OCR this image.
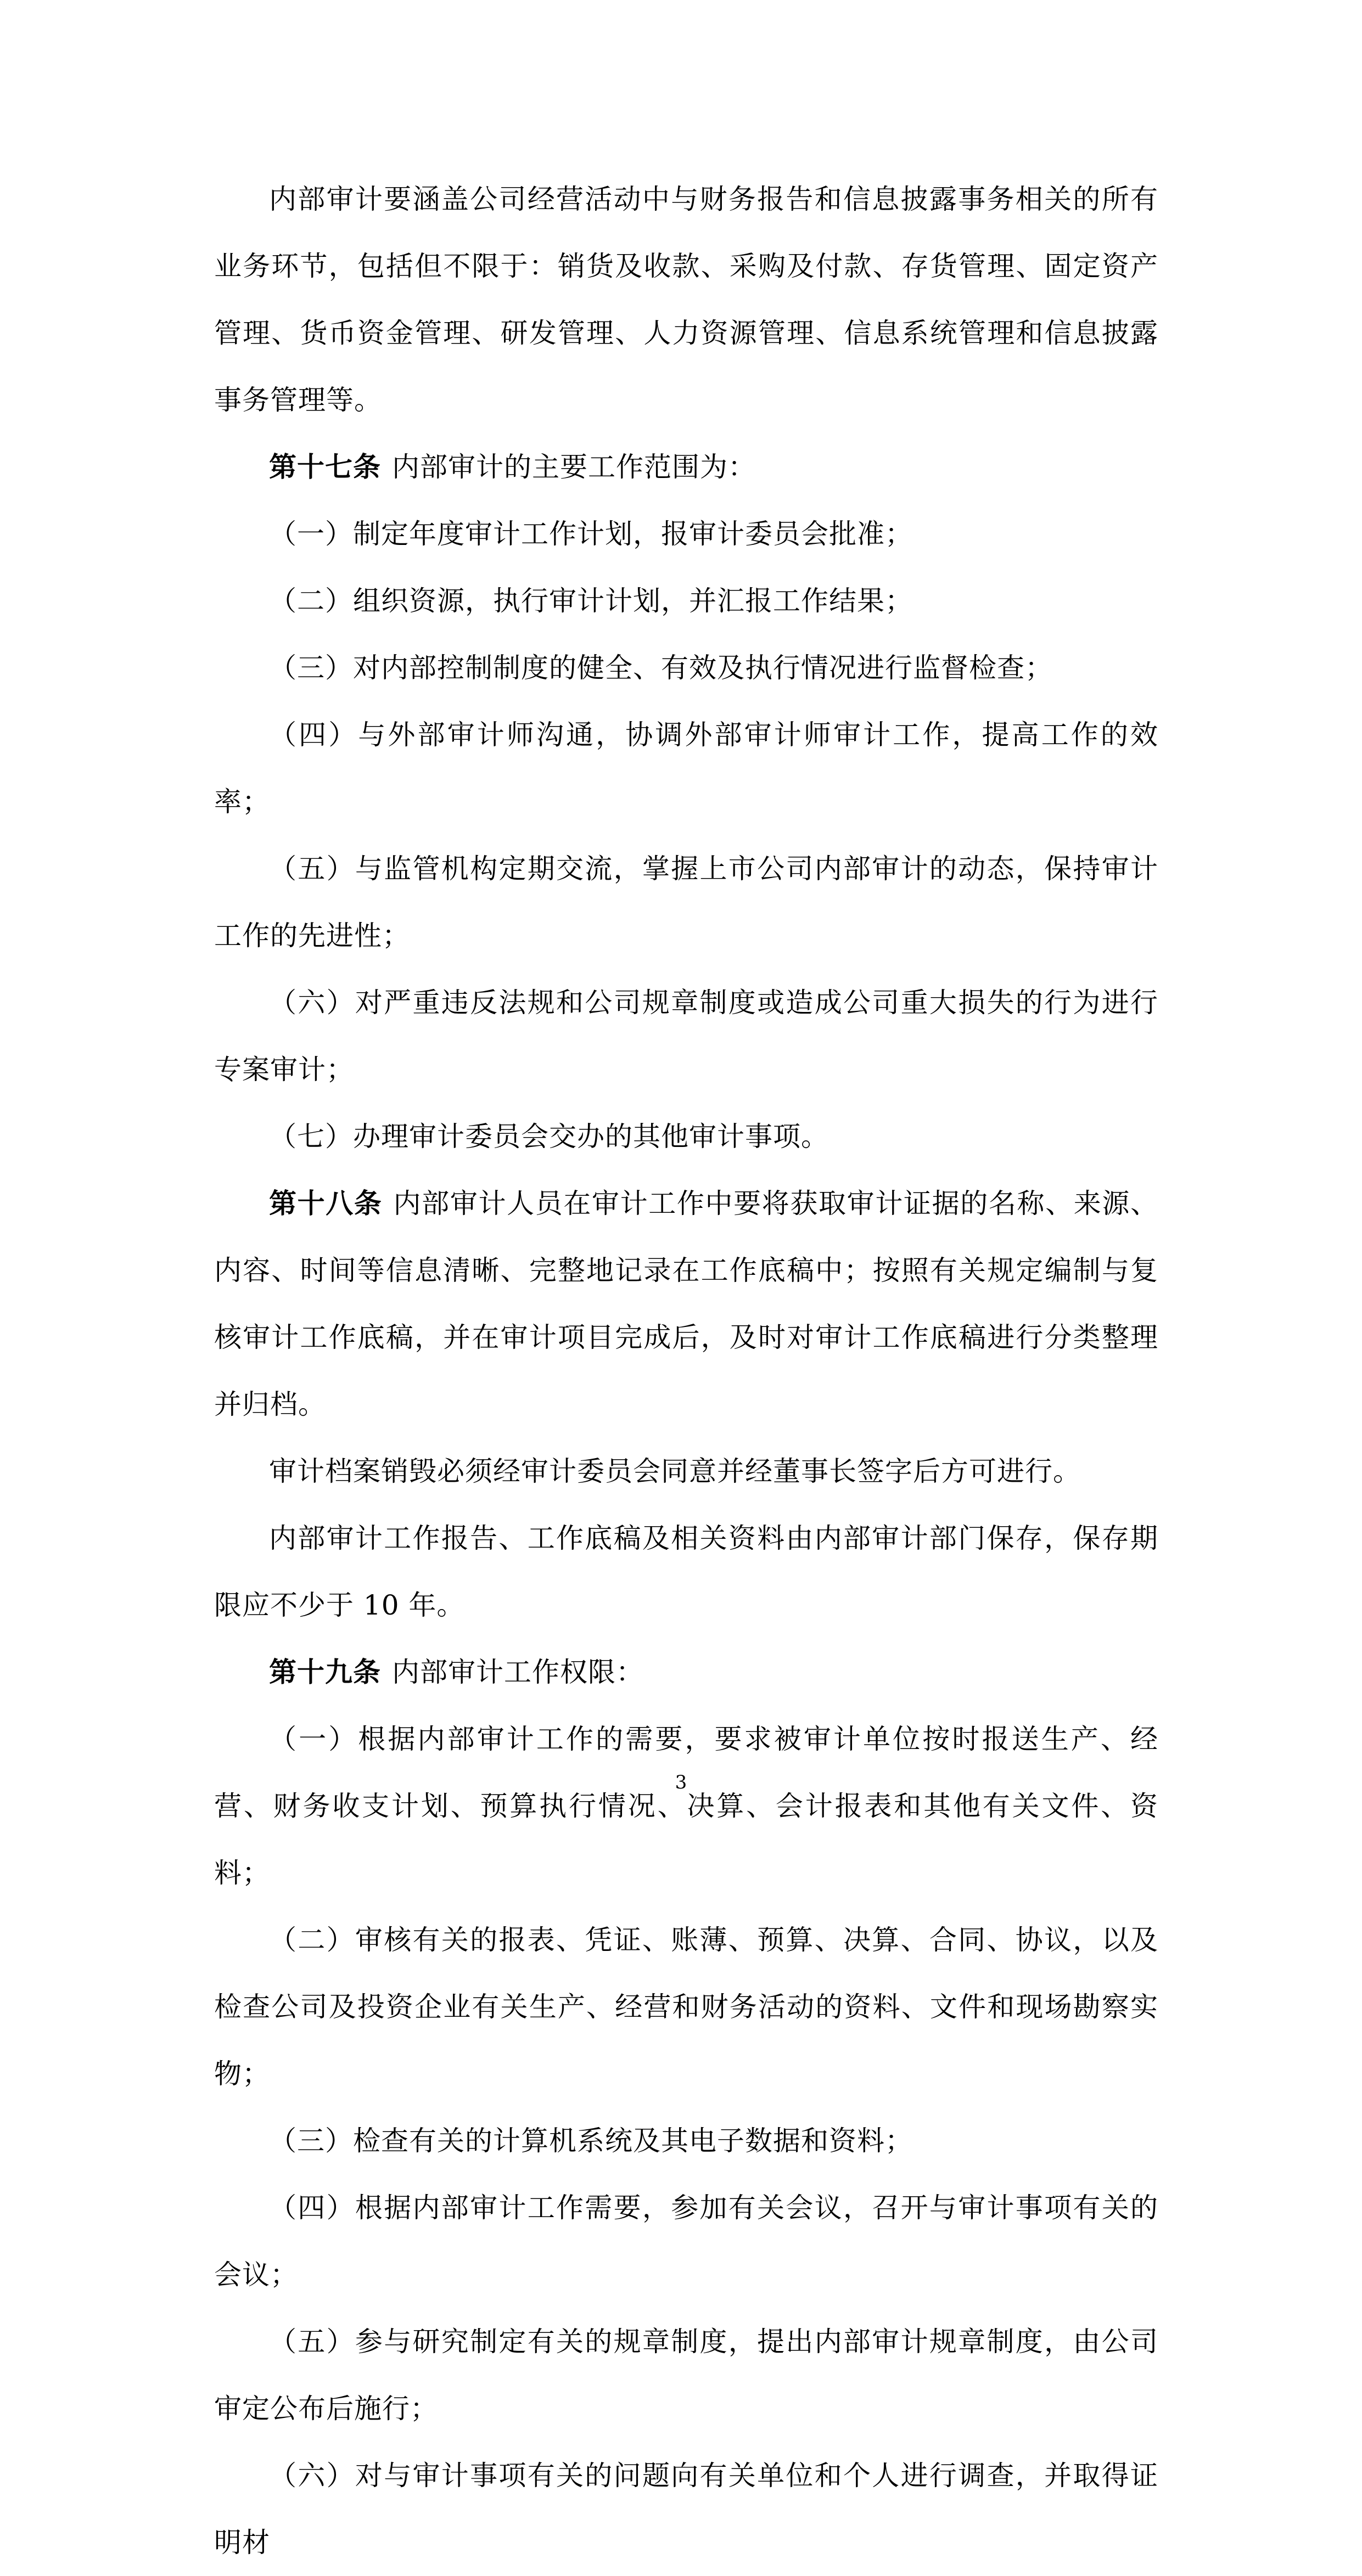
内部审计要涵盖公司经营活动中与财务报告和信息披露事务相关的所有业务环节，包括但不限于：销货及收款、采购及付款、存货管理、固定资产管理、货币资金管理、研发管理、人力资源管理、信息系统管理和信息披露事务管理等。

第十七条 内部审计的主要工作范围为：

（一）制定年度审计工作计划，报审计委员会批准；

（二）组织资源，执行审计计划，并汇报工作结果；

（三）对内部控制制度的健全、有效及执行情况进行监督检查；

（四）与外部审计师沟通，协调外部审计师审计工作，提高工作的效率；

（五）与监管机构定期交流，掌握上市公司内部审计的动态，保持审计工作的先进性；

（六）对严重违反法规和公司规章制度或造成公司重大损失的行为进行专案审计；

（七）办理审计委员会交办的其他审计事项。

第十八条 内部审计人员在审计工作中要将获取审计证据的名称、来源、内容、时间等信息清晰、完整地记录在工作底稿中；按照有关规定编制与复核审计工作底稿，并在审计项目完成后，及时对审计工作底稿进行分类整理并归档。

审计档案销毁必须经审计委员会同意并经董事长签字后方可进行。

内部审计工作报告、工作底稿及相关资料由内部审计部门保存，保存期限应不少于 10 年。

第十九条 内部审计工作权限：

（一）根据内部审计工作的需要，要求被审计单位按时报送生产、经营、财务收支计划、预算执行情况、决算、会计报表和其他有关文件、资料；

（二）审核有关的报表、凭证、账薄、预算、决算、合同、协议，以及检查公司及投资企业有关生产、经营和财务活动的资料、文件和现场勘察实物；

（三）检查有关的计算机系统及其电子数据和资料；

（四）根据内部审计工作需要，参加有关会议，召开与审计事项有关的会议；

（五）参与研究制定有关的规章制度，提出内部审计规章制度，由公司审定公布后施行；

（六）对与审计事项有关的问题向有关单位和个人进行调查，并取得证明材

3
